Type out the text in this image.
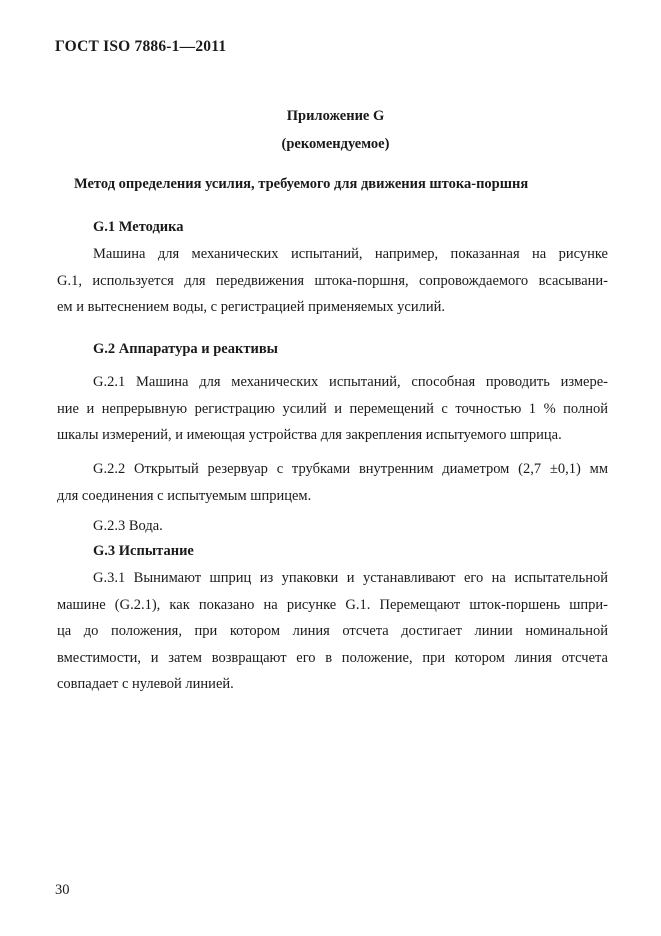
ГОСТ ISO 7886-1—2011
Приложение G
(рекомендуемое)
Метод определения усилия, требуемого для движения штока-поршня
G.1 Методика
Машина для механических испытаний, например, показанная на рисунке
G.1, используется для передвижения штока-поршня, сопровождаемого всасывани-
ем и вытеснением воды, с регистрацией применяемых усилий.
G.2 Аппаратура и реактивы
G.2.1 Машина для механических испытаний, способная проводить измере-
ние и непрерывную регистрацию усилий и перемещений с точностью 1 % полной
шкалы измерений, и имеющая устройства для закрепления испытуемого шприца.
G.2.2 Открытый резервуар с трубками внутренним диаметром (2,7 ±0,1) мм
для соединения с испытуемым шприцем.
G.2.3 Вода.
G.3 Испытание
G.3.1 Вынимают шприц из упаковки и устанавливают его на испытательной
машине (G.2.1), как показано на рисунке G.1. Перемещают шток-поршень шпри-
ца до положения, при котором линия отсчета достигает линии номинальной
вместимости, и затем возвращают его в положение, при котором линия отсчета
совпадает с нулевой линией.
30
